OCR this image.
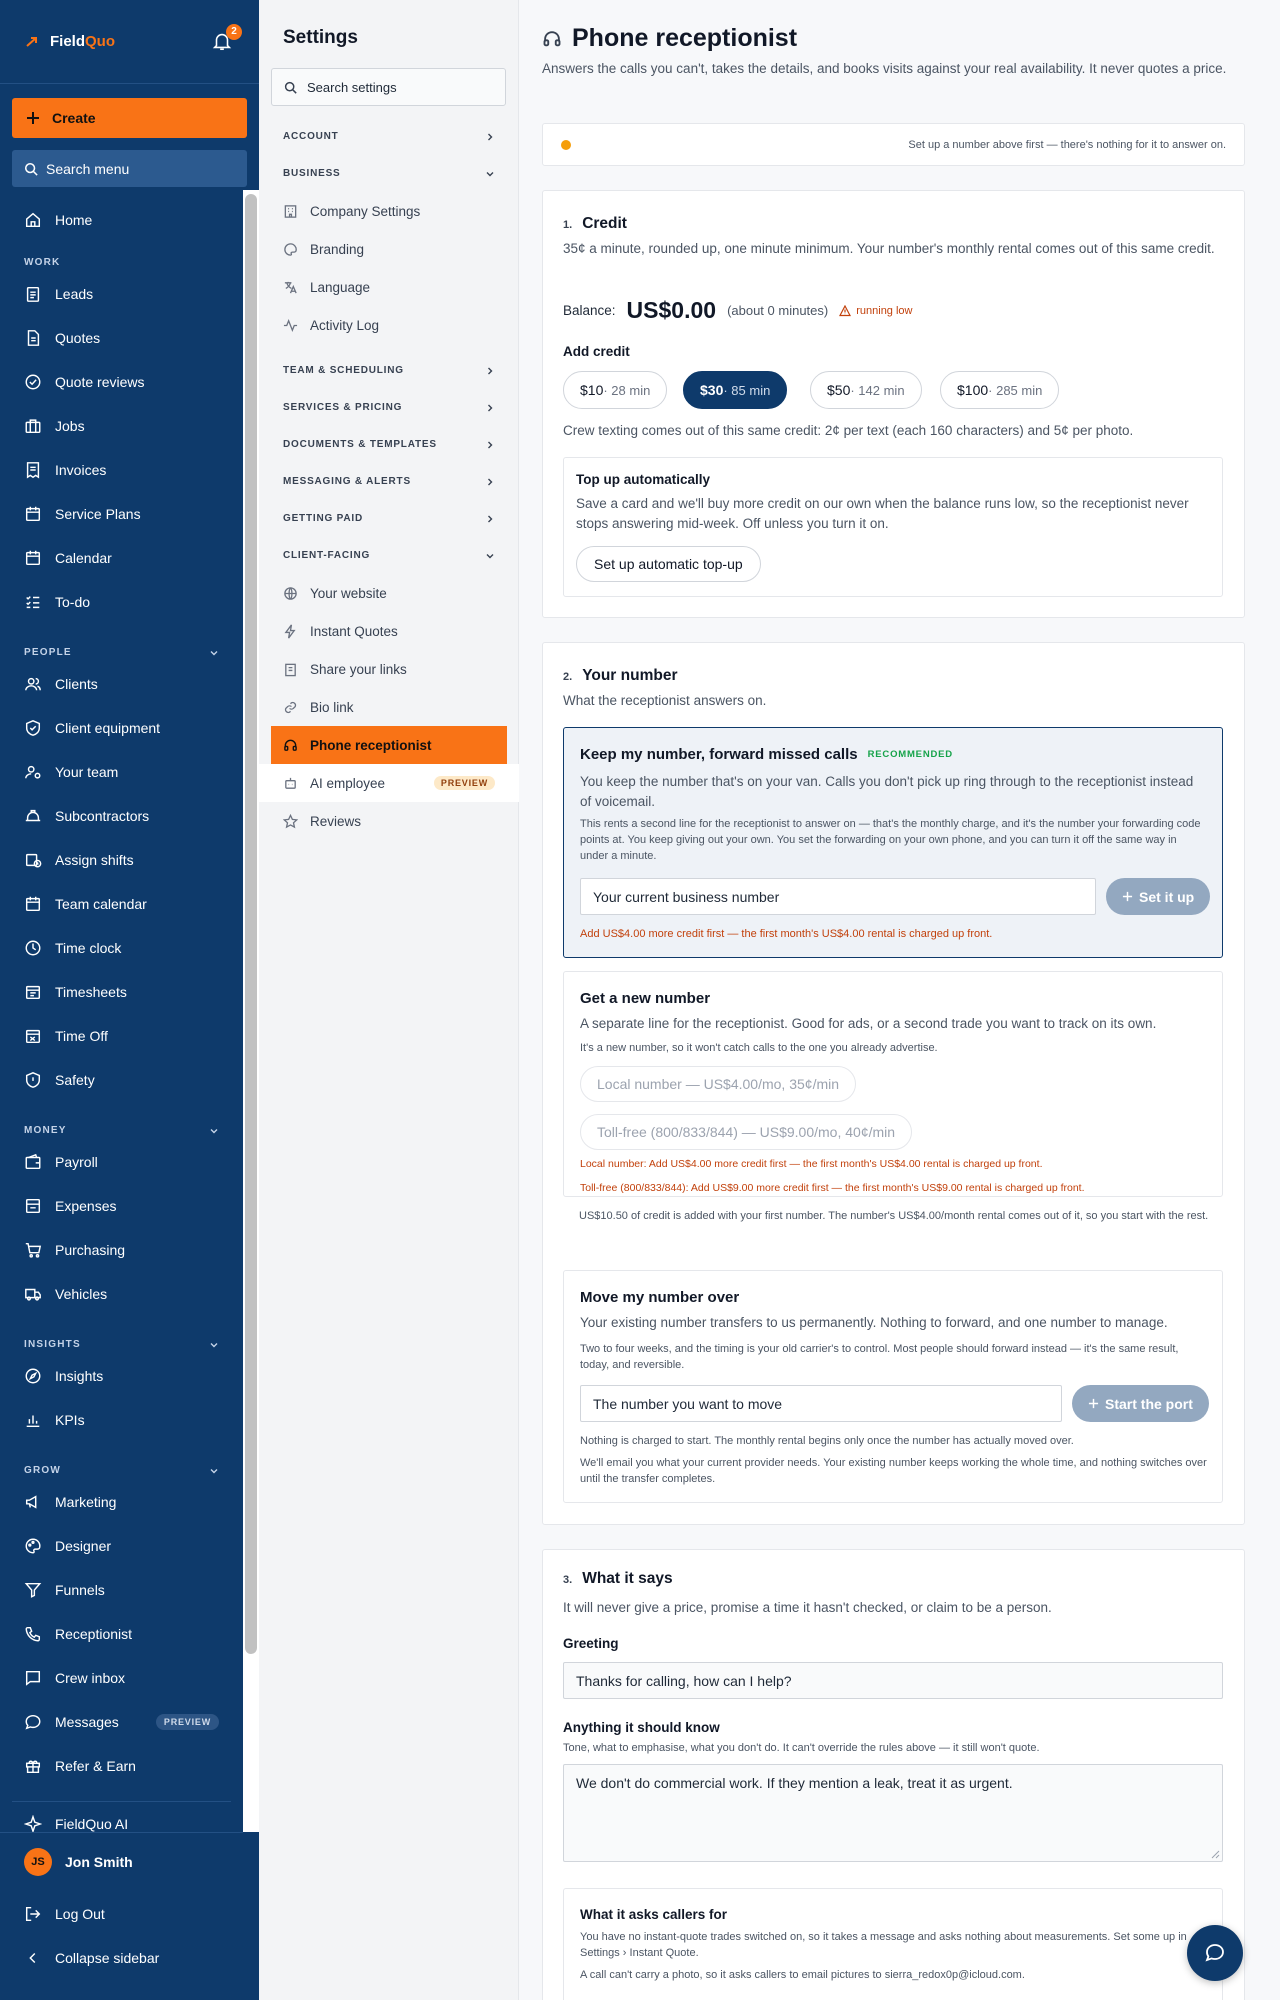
FieldQuo
2
Create
Search menu
Home
WORK
Leads
Quotes
Quote reviews
Jobs
Invoices
Service Plans
Calendar
To-do
PEOPLE
Clients
Client equipment
Your team
Subcontractors
Assign shifts
Team calendar
Time clock
Timesheets
Time Off
Safety
MONEY
Payroll
Expenses
Purchasing
Vehicles
INSIGHTS
Insights
KPIs
GROW
Marketing
Designer
Funnels
Receptionist
Crew inbox
Messages	PREVIEW
Refer & Earn
FieldQuo AI
JS	Jon Smith
Log Out
Collapse sidebar
Settings
Search settings
ACCOUNT
BUSINESS
Company Settings
Branding
Language
Activity Log
TEAM & SCHEDULING
SERVICES & PRICING
DOCUMENTS & TEMPLATES
MESSAGING & ALERTS
GETTING PAID
CLIENT-FACING
Your website
Instant Quotes
Share your links
Bio link
Phone receptionist
AI employee	PREVIEW
Reviews
Phone receptionist
Answers the calls you can't, takes the details, and books visits against your real availability. It never quotes a price.
Set up a number above first — there's nothing for it to answer on.
1. Credit
35¢ a minute, rounded up, one minute minimum. Your number's monthly rental comes out of this same credit.
Balance: US$0.00 (about 0 minutes)	running low
Add credit
$10 · 28 min	$30 · 85 min	$50 · 142 min	$100 · 285 min
Crew texting comes out of this same credit: 2¢ per text (each 160 characters) and 5¢ per photo.
Top up automatically
Save a card and we'll buy more credit on our own when the balance runs low, so the receptionist never stops answering mid-week. Off unless you turn it on.
Set up automatic top-up
2. Your number
What the receptionist answers on.
Keep my number, forward missed calls RECOMMENDED
You keep the number that's on your van. Calls you don't pick up ring through to the receptionist instead of voicemail.
This rents a second line for the receptionist to answer on — that's the monthly charge, and it's the number your forwarding code points at. You keep giving out your own. You set the forwarding on your own phone, and you can turn it off the same way in under a minute.
Your current business number	Set it up
Add US$4.00 more credit first — the first month's US$4.00 rental is charged up front.
Get a new number
A separate line for the receptionist. Good for ads, or a second trade you want to track on its own.
It's a new number, so it won't catch calls to the one you already advertise.
Local number — US$4.00/mo, 35¢/min
Toll-free (800/833/844) — US$9.00/mo, 40¢/min
Local number: Add US$4.00 more credit first — the first month's US$4.00 rental is charged up front.
Toll-free (800/833/844): Add US$9.00 more credit first — the first month's US$9.00 rental is charged up front.
US$10.50 of credit is added with your first number. The number's US$4.00/month rental comes out of it, so you start with the rest.
Move my number over
Your existing number transfers to us permanently. Nothing to forward, and one number to manage.
Two to four weeks, and the timing is your old carrier's to control. Most people should forward instead — it's the same result, today, and reversible.
The number you want to move	Start the port
Nothing is charged to start. The monthly rental begins only once the number has actually moved over.
We'll email you what your current provider needs. Your existing number keeps working the whole time, and nothing switches over until the transfer completes.
3. What it says
It will never give a price, promise a time it hasn't checked, or claim to be a person.
Greeting
Thanks for calling, how can I help?
Anything it should know
Tone, what to emphasise, what you don't do. It can't override the rules above — it still won't quote.
We don't do commercial work. If they mention a leak, treat it as urgent.
What it asks callers for
You have no instant-quote trades switched on, so it takes a message and asks nothing about measurements. Set some up in Settings › Instant Quote.
A call can't carry a photo, so it asks callers to email pictures to sierra_redox0p@icloud.com.
